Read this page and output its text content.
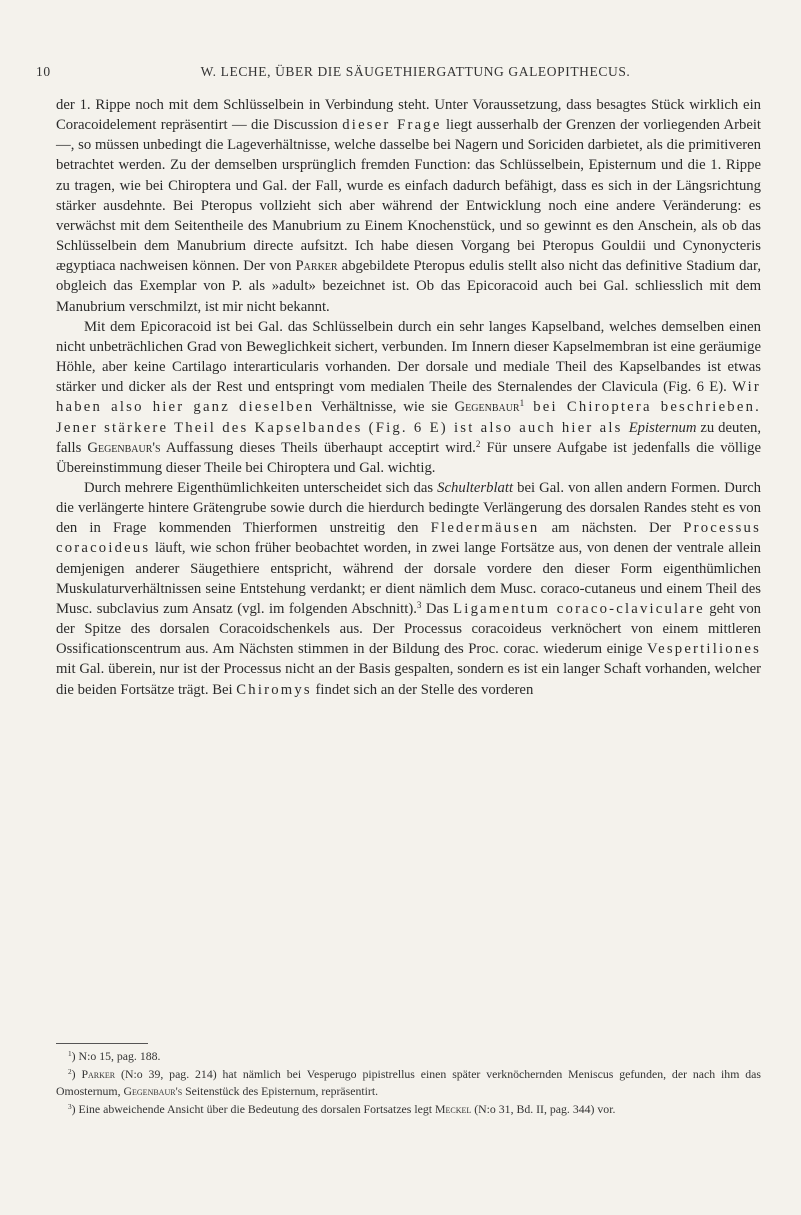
10	W. LECHE, ÜBER DIE SÄUGETHIERGATTUNG GALEOPITHECUS.

der 1. Rippe noch mit dem Schlüsselbein in Verbindung steht. Unter Voraussetzung, dass besagtes Stück wirklich ein Coracoidelement repräsentirt — die Discussion dieser Frage liegt ausserhalb der Grenzen der vorliegenden Arbeit —, so müssen unbedingt die Lageverhältnisse, welche dasselbe bei Nagern und Soriciden darbietet, als die primitiveren betrachtet werden. Zu der demselben ursprünglich fremden Function: das Schlüsselbein, Episternum und die 1. Rippe zu tragen, wie bei Chiroptera und Gal. der Fall, wurde es einfach dadurch befähigt, dass es sich in der Längsrichtung stärker ausdehnte. Bei Pteropus vollzieht sich aber während der Entwicklung noch eine andere Veränderung: es verwächst mit dem Seitentheile des Manubrium zu Einem Knochenstück, und so gewinnt es den Anschein, als ob das Schlüsselbein dem Manubrium directe aufsitzt. Ich habe diesen Vorgang bei Pteropus Gouldii und Cynonycteris ægyptiaca nachweisen können. Der von Parker abgebildete Pteropus edulis stellt also nicht das definitive Stadium dar, obgleich das Exemplar von P. als »adult» bezeichnet ist. Ob das Epicoracoid auch bei Gal. schliesslich mit dem Manubrium verschmilzt, ist mir nicht bekannt.

Mit dem Epicoracoid ist bei Gal. das Schlüsselbein durch ein sehr langes Kapselband, welches demselben einen nicht unbeträchlichen Grad von Beweglichkeit sichert, verbunden. Im Innern dieser Kapselmembran ist eine geräumige Höhle, aber keine Cartilago interarticularis vorhanden. Der dorsale und mediale Theil des Kapselbandes ist etwas stärker und dicker als der Rest und entspringt vom medialen Theile des Sternalendes der Clavicula (Fig. 6 E). Wir haben also hier ganz dieselben Verhältnisse, wie sie Gegenbaur$^1$ bei Chiroptera beschrieben. Jener stärkere Theil des Kapselbandes (Fig. 6 E) ist also auch hier als Episternum zu deuten, falls Gegenbaur's Auffassung dieses Theils überhaupt acceptirt wird.$^2$ Für unsere Aufgabe ist jedenfalls die völlige Übereinstimmung dieser Theile bei Chiroptera und Gal. wichtig.

Durch mehrere Eigenthümlichkeiten unterscheidet sich das Schulterblatt bei Gal. von allen andern Formen. Durch die verlängerte hintere Grätengrube sowie durch die hierdurch bedingte Verlängerung des dorsalen Randes steht es von den in Frage kommenden Thierformen unstreitig den Fledermäusen am nächsten. Der Processus coracoideus läuft, wie schon früher beobachtet worden, in zwei lange Fortsätze aus, von denen der ventrale allein demjenigen anderer Säugethiere entspricht, während der dorsale vordere den dieser Form eigenthümlichen Muskulaturverhältnissen seine Entstehung verdankt; er dient nämlich dem Musc. coraco-cutaneus und einem Theil des Musc. subclavius zum Ansatz (vgl. im folgenden Abschnitt).$^3$ Das Ligamentum coraco-claviculare geht von der Spitze des dorsalen Coracoidschenkels aus. Der Processus coracoideus verknöchert von einem mittleren Ossificationscentrum aus. Am Nächsten stimmen in der Bildung des Proc. corac. wiederum einige Vespertiliones mit Gal. überein, nur ist der Processus nicht an der Basis gespalten, sondern es ist ein langer Schaft vorhanden, welcher die beiden Fortsätze trägt. Bei Chiromys findet sich an der Stelle des vorderen

$^1$) N:o 15, pag. 188.

$^2$) Parker (N:o 39, pag. 214) hat nämlich bei Vesperugo pipistrellus einen später verknöchernden Meniscus gefunden, der nach ihm das Omosternum, Gegenbaur's Seitenstück des Episternum, repräsentirt.

$^3$) Eine abweichende Ansicht über die Bedeutung des dorsalen Fortsatzes legt Meckel (N:o 31, Bd. II, pag. 344) vor.
